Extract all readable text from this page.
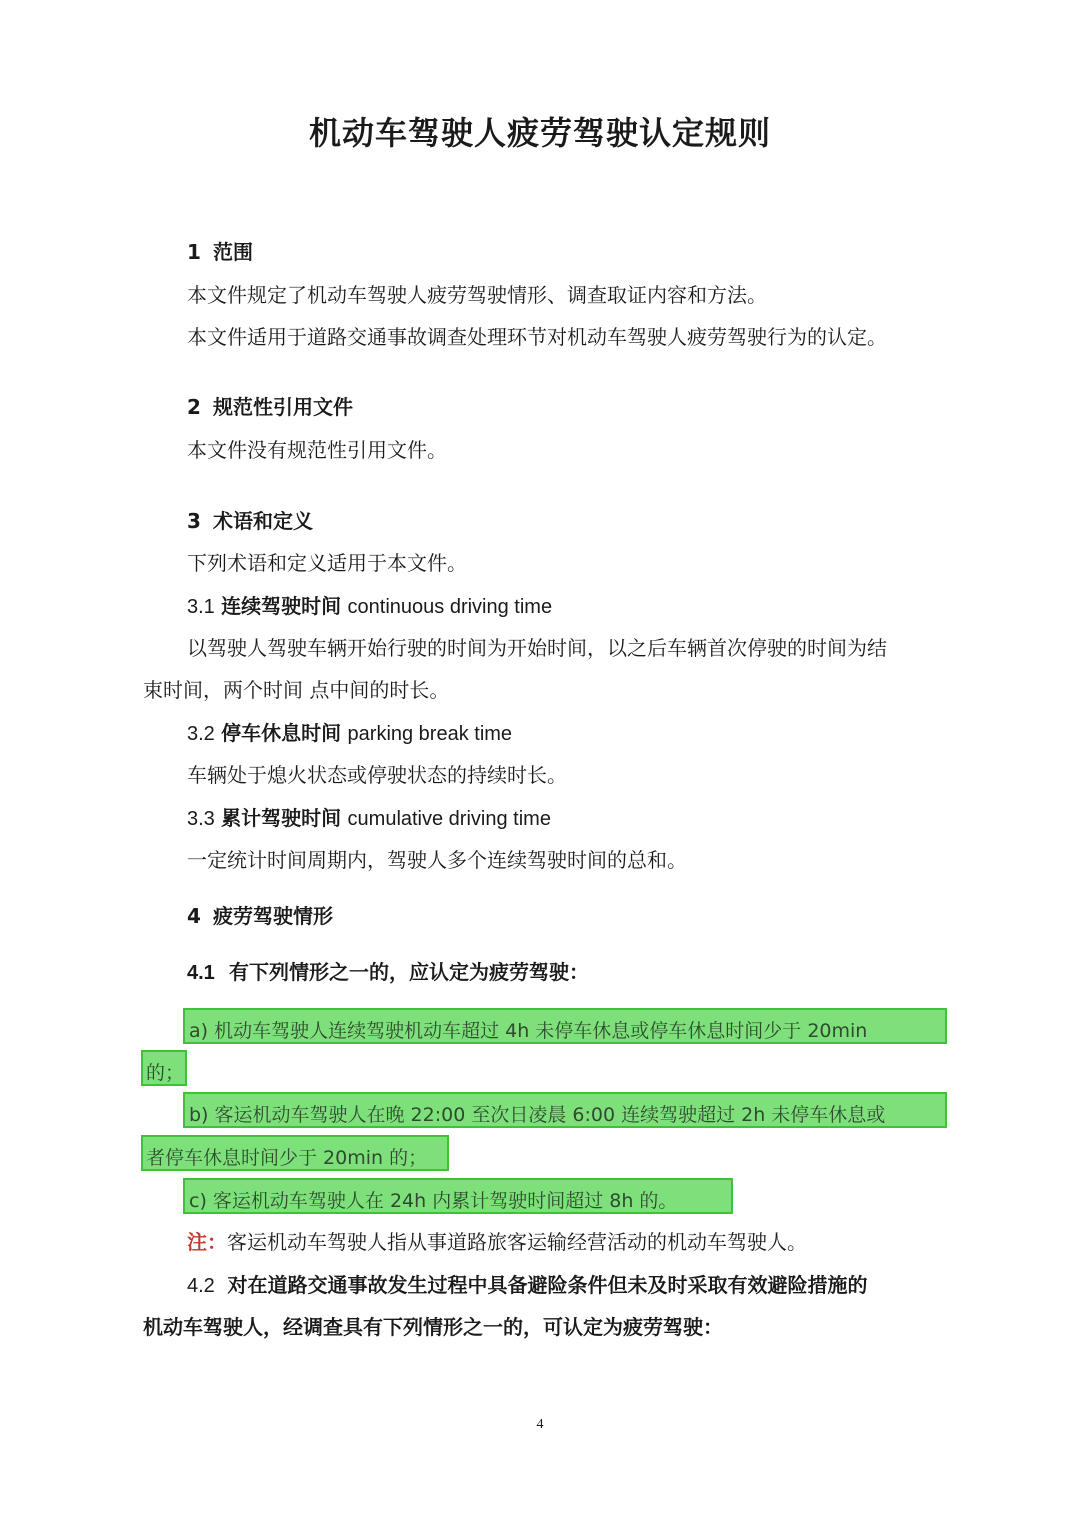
机动车驾驶人疲劳驾驶认定规则
1 范围
本文件规定了机动车驾驶人疲劳驾驶情形、调查取证内容和方法。
本文件适用于道路交通事故调查处理环节对机动车驾驶人疲劳驾驶行为的认定。
2 规范性引用文件
本文件没有规范性引用文件。
3 术语和定义
下列术语和定义适用于本文件。
3.1 连续驾驶时间 continuous driving time
以驾驶人驾驶车辆开始行驶的时间为开始时间，以之后车辆首次停驶的时间为结
束时间，两个时间 点中间的时长。
3.2 停车休息时间 parking break time
车辆处于熄火状态或停驶状态的持续时长。
3.3 累计驾驶时间 cumulative driving time
一定统计时间周期内，驾驶人多个连续驾驶时间的总和。
4 疲劳驾驶情形
4.1 有下列情形之一的，应认定为疲劳驾驶：
a) 机动车驾驶人连续驾驶机动车超过 4h 未停车休息或停车休息时间少于 20min
的；
b) 客运机动车驾驶人在晚 22:00 至次日凌晨 6:00 连续驾驶超过 2h 未停车休息或
者停车休息时间少于 20min 的；
c) 客运机动车驾驶人在 24h 内累计驾驶时间超过 8h 的。
注：客运机动车驾驶人指从事道路旅客运输经营活动的机动车驾驶人。
4.2 对在道路交通事故发生过程中具备避险条件但未及时采取有效避险措施的
机动车驾驶人，经调查具有下列情形之一的，可认定为疲劳驾驶：
4
